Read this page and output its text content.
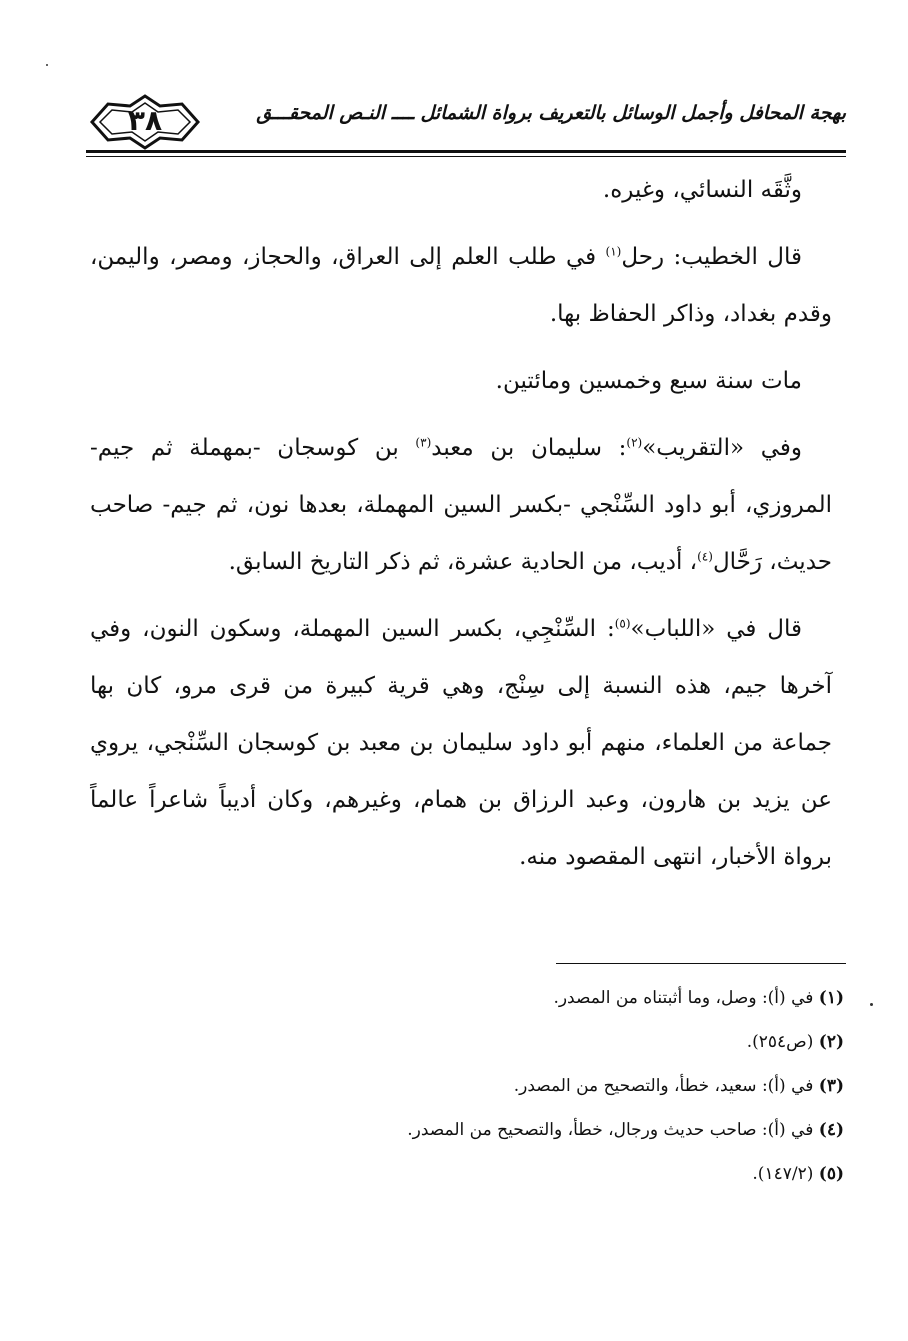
٣٨	بهجة المحافل وأجمل الوسائل بالتعريف برواة الشمائل ــــ النـص المحقـــق

وثَّقَه النسائي، وغيره.

قال الخطيب: رحل$^{(١)}$ في طلب العلم إلى العراق، والحجاز، ومصر، واليمن، وقدم بغداد، وذاكر الحفاظ بها.

مات سنة سبع وخمسين ومائتين.

وفي «التقريب»$^{(٢)}$: سليمان بن معبد$^{(٣)}$ بن كوسجان -بمهملة ثم جيم- المروزي، أبو داود السِّنْجي -بكسر السين المهملة، بعدها نون، ثم جيم- صاحب حديث، رَحَّال$^{(٤)}$، أديب، من الحادية عشرة، ثم ذكر التاريخ السابق.

قال في «اللباب»$^{(٥)}$: السِّنْجِي، بكسر السين المهملة، وسكون النون، وفي آخرها جيم، هذه النسبة إلى سِنْج، وهي قرية كبيرة من قرى مرو، كان بها جماعة من العلماء، منهم أبو داود سليمان بن معبد بن كوسجان السِّنْجي، يروي عن يزيد بن هارون، وعبد الرزاق بن همام، وغيرهم، وكان أديباً شاعراً عالماً برواة الأخبار، انتهى المقصود منه.

(١) في (أ): وصل، وما أثبتناه من المصدر.
(٢) (ص٢٥٤).
(٣) في (أ): سعيد، خطأ، والتصحيح من المصدر.
(٤) في (أ): صاحب حديث ورجال، خطأ، والتصحيح من المصدر.
(٥) (١٤٧/٢).
